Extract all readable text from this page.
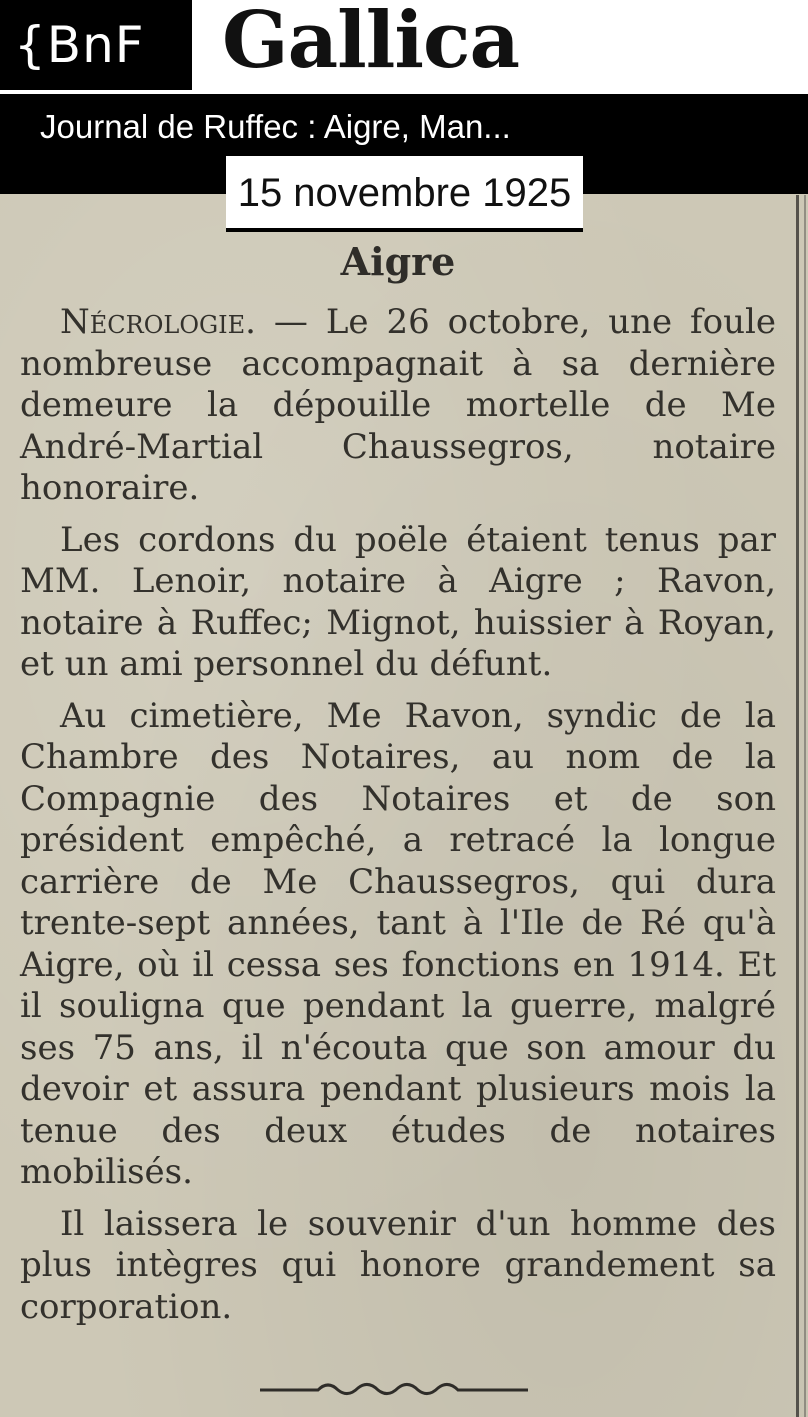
{BnF Gallica
Journal de Ruffec : Aigre, Man...
15 novembre 1925
Aigre

Nécrologie. — Le 26 octobre, une foule nombreuse accompagnait à sa dernière demeure la dépouille mortelle de Me André-Martial Chaussegros, notaire honoraire.

Les cordons du poële étaient tenus par MM. Lenoir, notaire à Aigre ; Ravon, notaire à Ruffec; Mignot, huissier à Royan, et un ami personnel du défunt.

Au cimetière, Me Ravon, syndic de la Chambre des Notaires, au nom de la Compagnie des Notaires et de son président empêché, a retracé la longue carrière de Me Chaussegros, qui dura trente-sept années, tant à l'Ile de Ré qu'à Aigre, où il cessa ses fonctions en 1914. Et il souligna que pendant la guerre, malgré ses 75 ans, il n'écouta que son amour du devoir et assura pendant plusieurs mois la tenue des deux études de notaires mobilisés.

Il laissera le souvenir d'un homme des plus intègres qui honore grandement sa corporation.
